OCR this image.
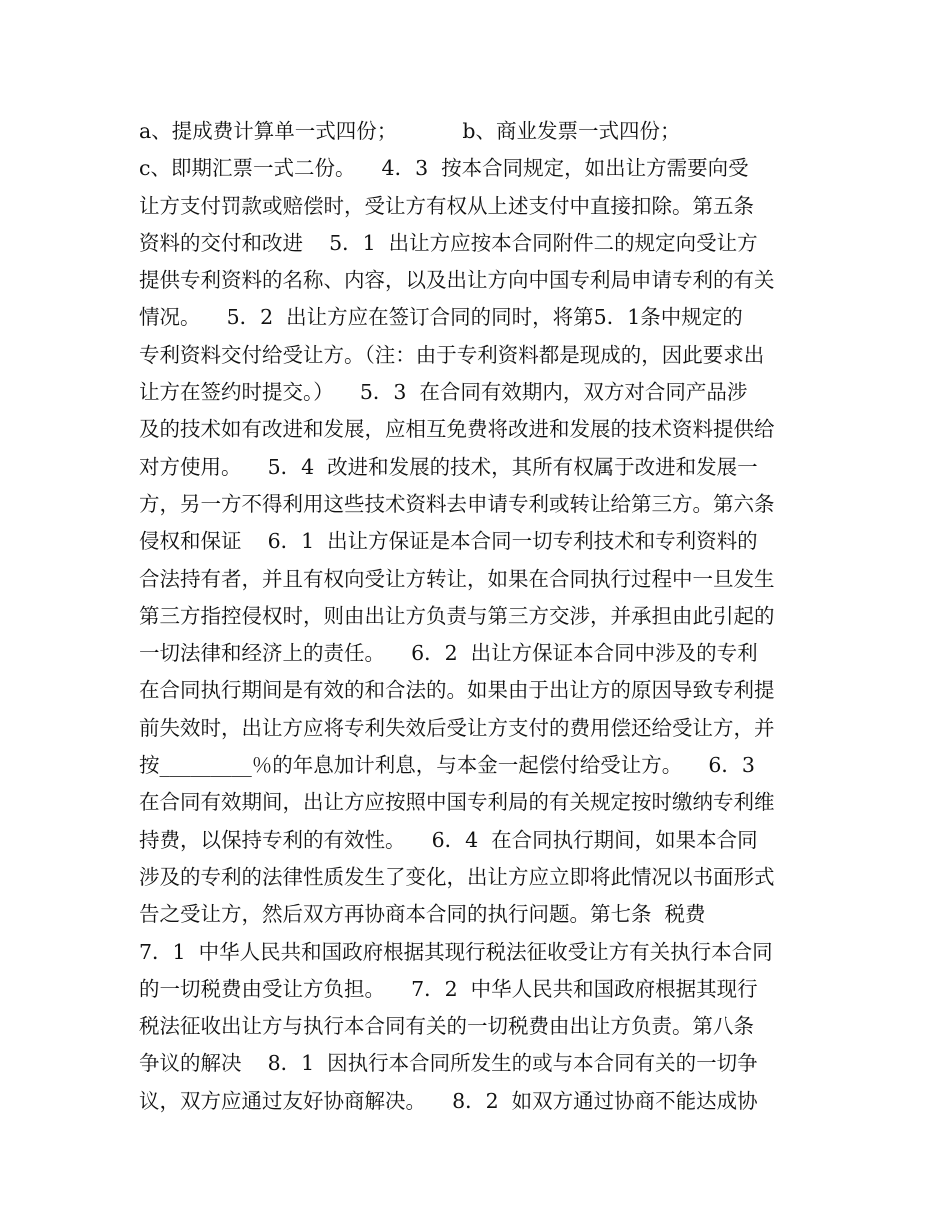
a、提成费计算单一式四份；          b、商业发票一式四份；
c、即期汇票一式二份。    4．3  按本合同规定，如出让方需要向受
让方支付罚款或赔偿时，受让方有权从上述支付中直接扣除。第五条
资料的交付和改进    5．1  出让方应按本合同附件二的规定向受让方
提供专利资料的名称、内容，以及出让方向中国专利局申请专利的有关
情况。    5．2  出让方应在签订合同的同时，将第5．1条中规定的
专利资料交付给受让方。（注：由于专利资料都是现成的，因此要求出
让方在签约时提交。）    5．3  在合同有效期内，双方对合同产品涉
及的技术如有改进和发展，应相互免费将改进和发展的技术资料提供给
对方使用。    5．4  改进和发展的技术，其所有权属于改进和发展一
方，另一方不得利用这些技术资料去申请专利或转让给第三方。第六条
侵权和保证    6．1  出让方保证是本合同一切专利技术和专利资料的
合法持有者，并且有权向受让方转让，如果在合同执行过程中一旦发生
第三方指控侵权时，则由出让方负责与第三方交涉，并承担由此引起的
一切法律和经济上的责任。    6．2  出让方保证本合同中涉及的专利
在合同执行期间是有效的和合法的。如果由于出让方的原因导致专利提
前失效时，出让方应将专利失效后受让方支付的费用偿还给受让方，并
按_________％的年息加计利息，与本金一起偿付给受让方。    6．3
在合同有效期间，出让方应按照中国专利局的有关规定按时缴纳专利维
持费，以保持专利的有效性。    6．4  在合同执行期间，如果本合同
涉及的专利的法律性质发生了变化，出让方应立即将此情况以书面形式
告之受让方，然后双方再协商本合同的执行问题。第七条  税费
7．1  中华人民共和国政府根据其现行税法征收受让方有关执行本合同
的一切税费由受让方负担。    7．2  中华人民共和国政府根据其现行
税法征收出让方与执行本合同有关的一切税费由出让方负责。第八条
争议的解决    8．1  因执行本合同所发生的或与本合同有关的一切争
议，双方应通过友好协商解决。    8．2  如双方通过协商不能达成协
